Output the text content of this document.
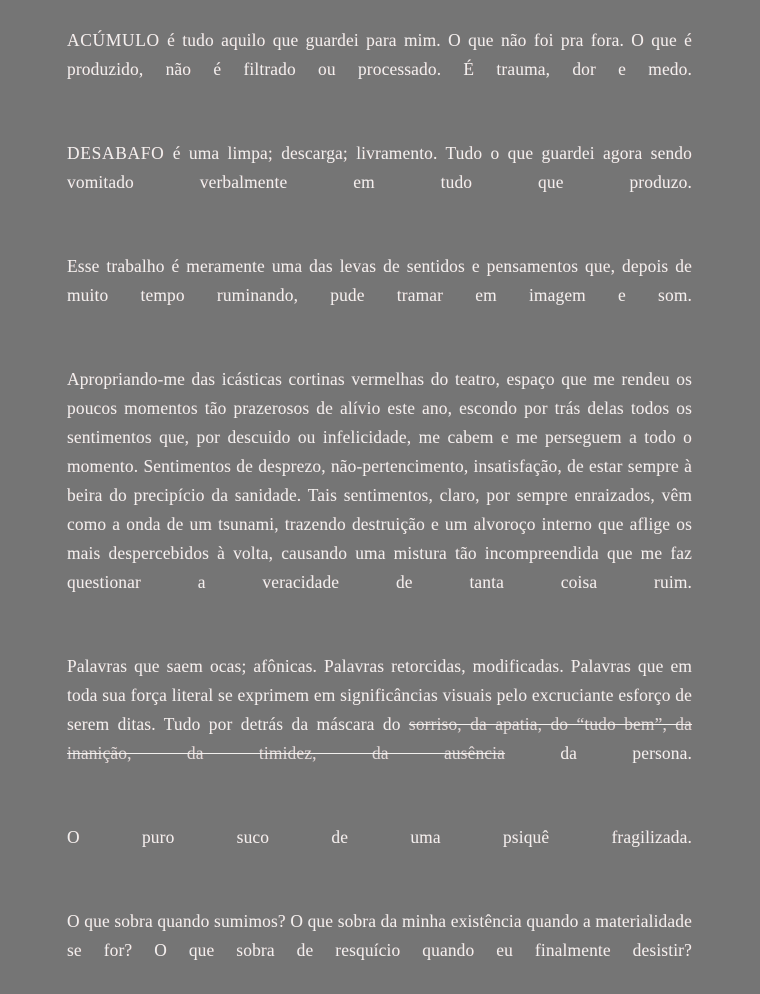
ACÚMULO é tudo aquilo que guardei para mim. O que não foi pra fora. O que é produzido, não é filtrado ou processado. É trauma, dor e medo.

DESABAFO é uma limpa; descarga; livramento. Tudo o que guardei agora sendo vomitado verbalmente em tudo que produzo.

Esse trabalho é meramente uma das levas de sentidos e pensamentos que, depois de muito tempo ruminando, pude tramar em imagem e som.

Apropriando-me das icásticas cortinas vermelhas do teatro, espaço que me rendeu os poucos momentos tão prazerosos de alívio este ano, escondo por trás delas todos os sentimentos que, por descuido ou infelicidade, me cabem e me perseguem a todo o momento. Sentimentos de desprezo, não-pertencimento, insatisfação, de estar sempre à beira do precipício da sanidade. Tais sentimentos, claro, por sempre enraizados, vêm como a onda de um tsunami, trazendo destruição e um alvoroço interno que aflige os mais despercebidos à volta, causando uma mistura tão incompreendida que me faz questionar a veracidade de tanta coisa ruim.

Palavras que saem ocas; afônicas. Palavras retorcidas, modificadas. Palavras que em toda sua força literal se exprimem em significâncias visuais pelo excruciante esforço de serem ditas. Tudo por detrás da máscara do sorriso, da apatia, do “tudo bem”, da inanição, da timidez, da ausência da persona.

O puro suco de uma psiquê fragilizada.

O que sobra quando sumimos? O que sobra da minha existência quando a materialidade se for? O que sobra de resquício quando eu finalmente desistir?
